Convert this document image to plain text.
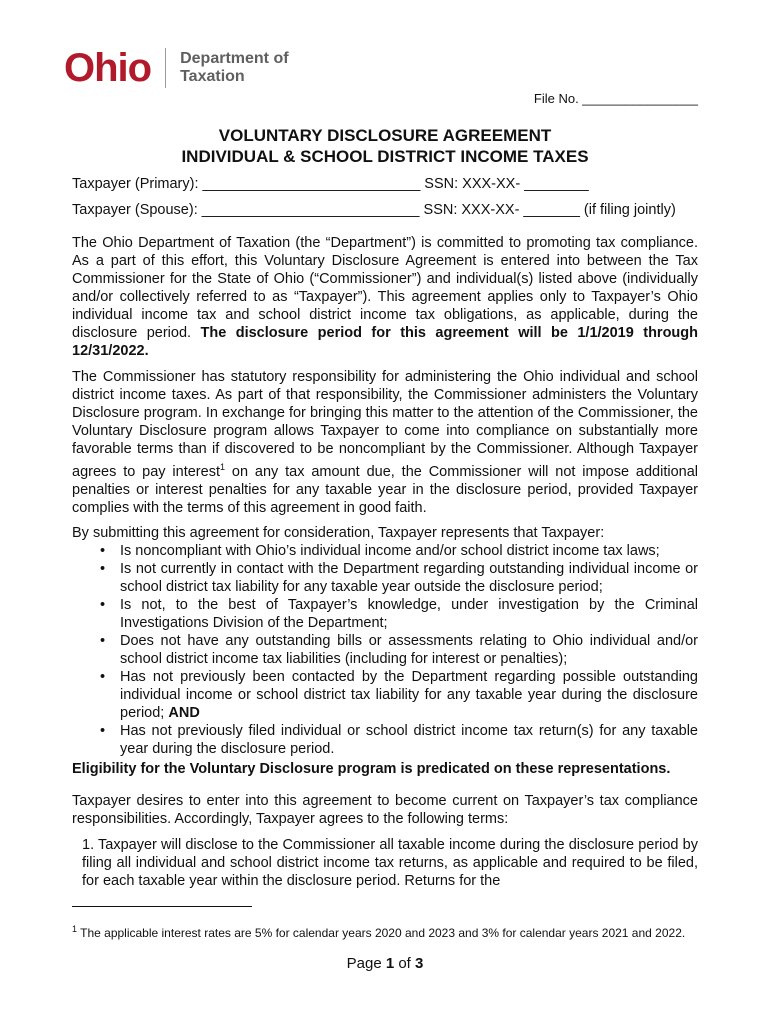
Ohio Department of
Taxation
File No. ________________
VOLUNTARY DISCLOSURE AGREEMENT
INDIVIDUAL & SCHOOL DISTRICT INCOME TAXES
Taxpayer (Primary): ___________________________ SSN: XXX-XX- ________
Taxpayer (Spouse): ___________________________ SSN: XXX-XX- _______ (if filing jointly)
The Ohio Department of Taxation (the “Department”) is committed to promoting tax compliance. As a part of this effort, this Voluntary Disclosure Agreement is entered into between the Tax Commissioner for the State of Ohio (“Commissioner”) and individual(s) listed above (individually and/or collectively referred to as “Taxpayer”). This agreement applies only to Taxpayer’s Ohio individual income tax and school district income tax obligations, as applicable, during the disclosure period. The disclosure period for this agreement will be 1/1/2019 through 12/31/2022.
The Commissioner has statutory responsibility for administering the Ohio individual and school district income taxes. As part of that responsibility, the Commissioner administers the Voluntary Disclosure program. In exchange for bringing this matter to the attention of the Commissioner, the Voluntary Disclosure program allows Taxpayer to come into compliance on substantially more favorable terms than if discovered to be noncompliant by the Commissioner. Although Taxpayer agrees to pay interest$^1$ on any tax amount due, the Commissioner will not impose additional penalties or interest penalties for any taxable year in the disclosure period, provided Taxpayer complies with the terms of this agreement in good faith.
By submitting this agreement for consideration, Taxpayer represents that Taxpayer:
• Is noncompliant with Ohio’s individual income and/or school district income tax laws;
• Is not currently in contact with the Department regarding outstanding individual income or school district tax liability for any taxable year outside the disclosure period;
• Is not, to the best of Taxpayer’s knowledge, under investigation by the Criminal Investigations Division of the Department;
• Does not have any outstanding bills or assessments relating to Ohio individual and/or school district income tax liabilities (including for interest or penalties);
• Has not previously been contacted by the Department regarding possible outstanding individual income or school district tax liability for any taxable year during the disclosure period; AND
• Has not previously filed individual or school district income tax return(s) for any taxable year during the disclosure period.
Eligibility for the Voluntary Disclosure program is predicated on these representations.
Taxpayer desires to enter into this agreement to become current on Taxpayer’s tax compliance responsibilities. Accordingly, Taxpayer agrees to the following terms:
1. Taxpayer will disclose to the Commissioner all taxable income during the disclosure period by filing all individual and school district income tax returns, as applicable and required to be filed, for each taxable year within the disclosure period. Returns for the
$^1$ The applicable interest rates are 5% for calendar years 2020 and 2023 and 3% for calendar years 2021 and 2022.
Page 1 of 3
